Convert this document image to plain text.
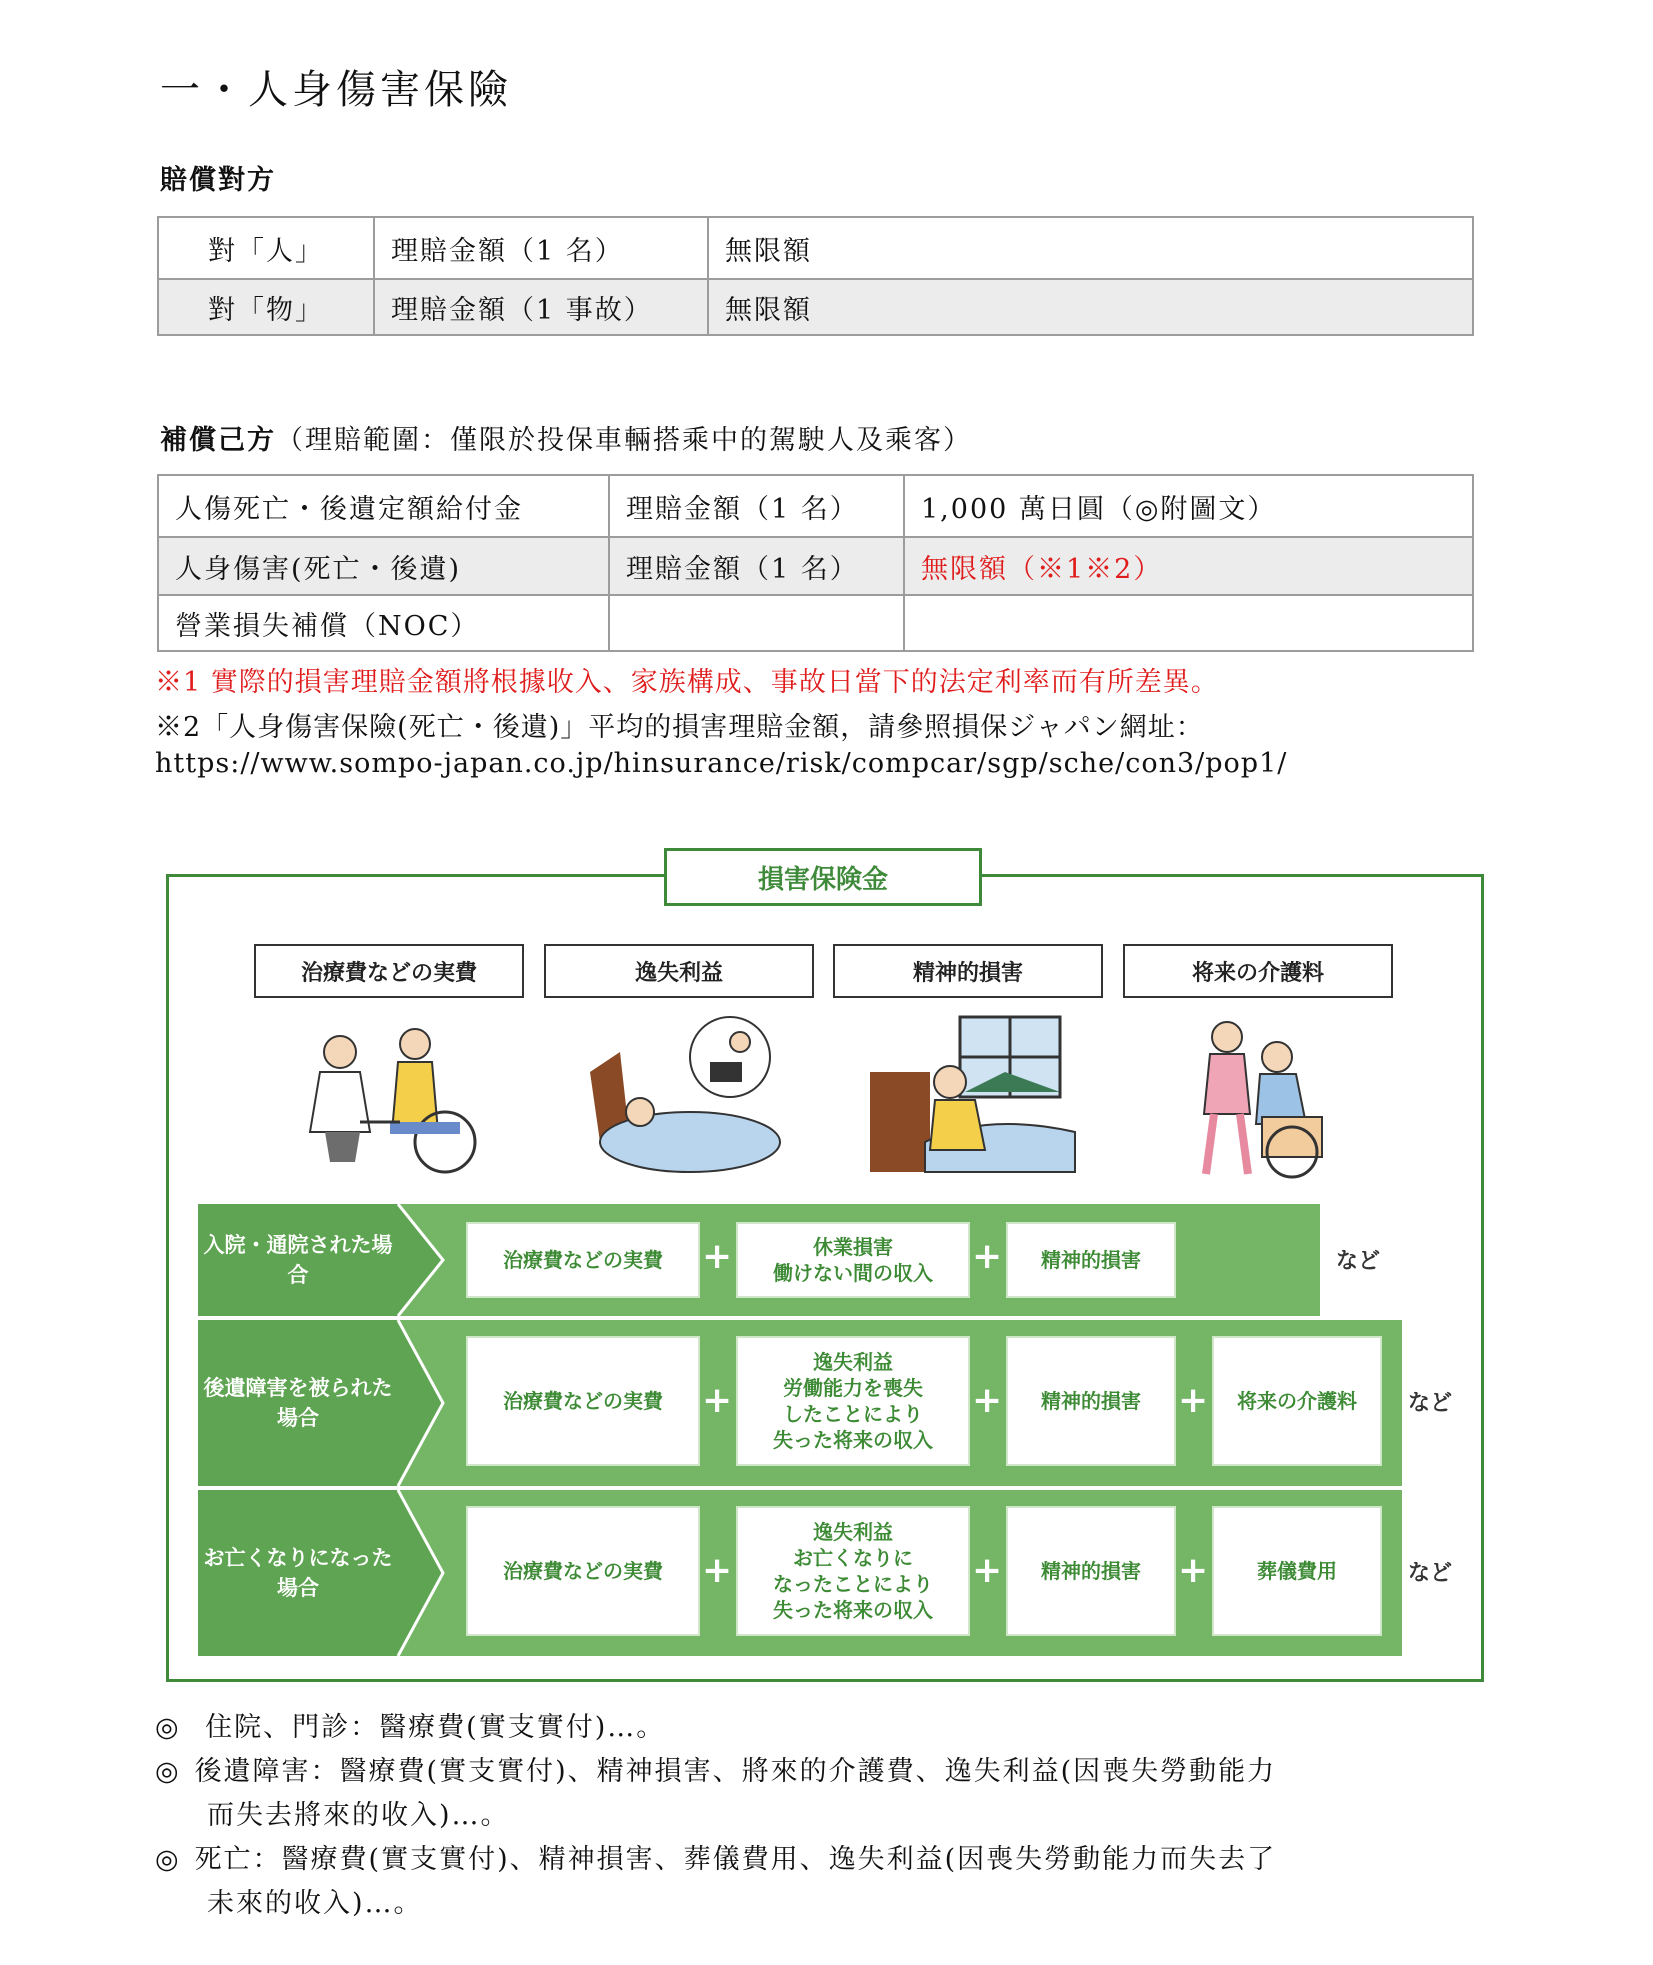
一・人身傷害保險
賠償對方
對「人」	理賠金額（1 名）	無限額
對「物」	理賠金額（1 事故）	無限額
補償己方（理賠範圍：僅限於投保車輛搭乘中的駕駛人及乘客）
人傷死亡・後遺定額給付金	理賠金額（1 名）	1,000 萬日圓（◎附圖文）
人身傷害(死亡・後遺)	理賠金額（1 名）	無限額（※1※2）
營業損失補償（NOC）		
※1 實際的損害理賠金額將根據收入、家族構成、事故日當下的法定利率而有所差異。
※2「人身傷害保險(死亡・後遺)」平均的損害理賠金額，請參照損保ジャパン網址：
https://www.sompo-japan.co.jp/hinsurance/risk/compcar/sgp/sche/con3/pop1/
損害保険金
治療費などの実費	逸失利益	精神的損害	将来の介護料
入院・通院された場合
治療費などの実費	+	休業損害
働けない間の収入	+	精神的損害	など
後遺障害を被られた場合
治療費などの実費	+
逸失利益
労働能力を喪失
したことにより
失った将来の収入
+	精神的損害	+	将来の介護料	など
お亡くなりになった場合
治療費などの実費	+
逸失利益
お亡くなりに
なったことにより
失った将来の収入
+	精神的損害	+	葬儀費用	など
◎ 住院、門診：醫療費(實支實付)…。
◎ 後遺障害：醫療費(實支實付)、精神損害、將來的介護費、逸失利益(因喪失勞動能力
而失去將來的收入)…。
◎ 死亡：醫療費(實支實付)、精神損害、葬儀費用、逸失利益(因喪失勞動能力而失去了
未來的收入)…。
